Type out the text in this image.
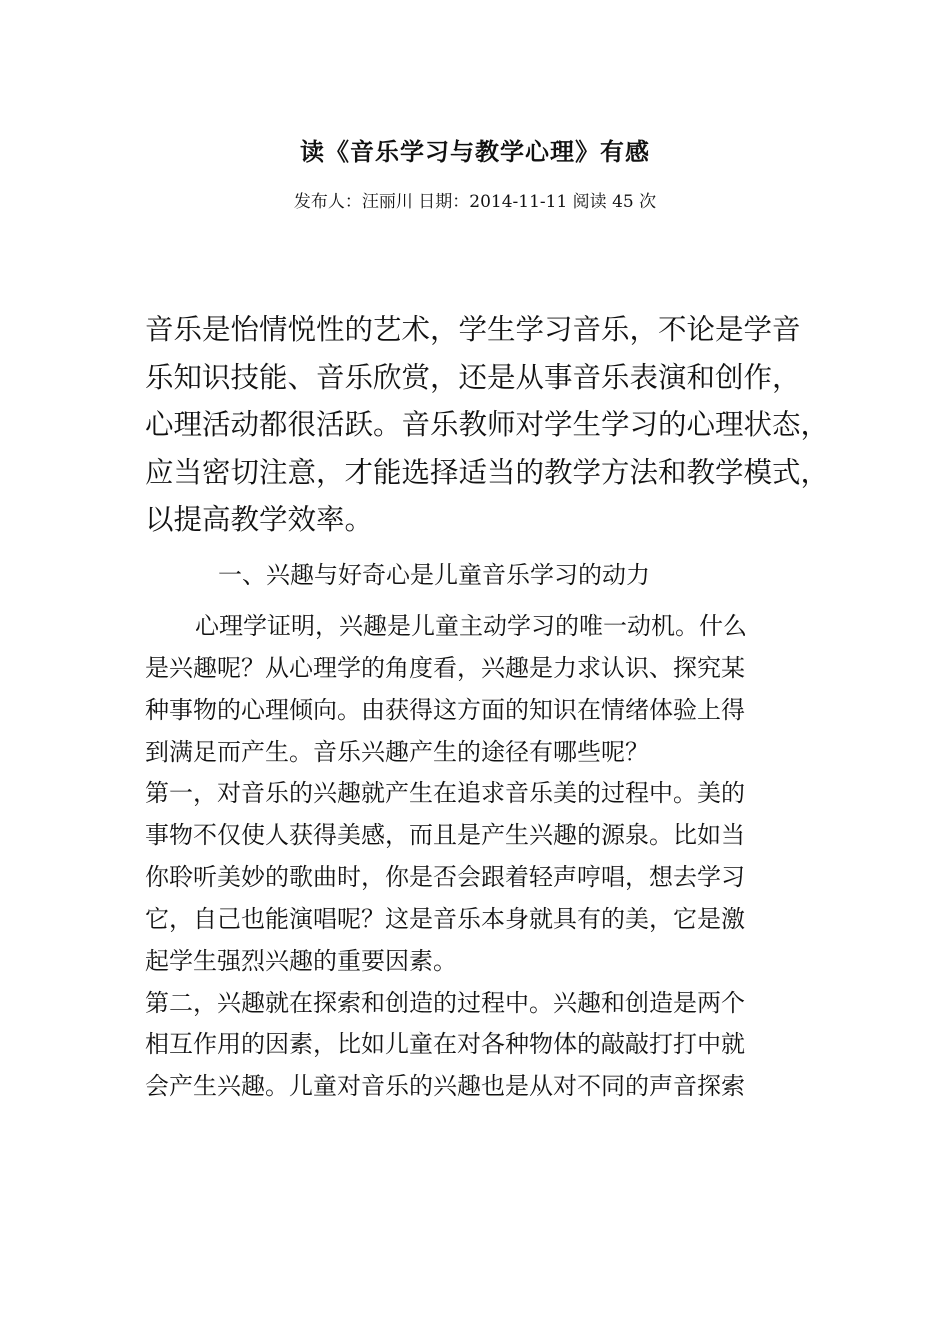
读《音乐学习与教学心理》有感
发布人：汪丽川 日期：2014-11-11 阅读 45 次
音乐是怡情悦性的艺术，学生学习音乐，不论是学音
乐知识技能、音乐欣赏，还是从事音乐表演和创作，
心理活动都很活跃。音乐教师对学生学习的心理状态，
应当密切注意，才能选择适当的教学方法和教学模式，
以提高教学效率。
一、兴趣与好奇心是儿童音乐学习的动力
心理学证明，兴趣是儿童主动学习的唯一动机。什么
是兴趣呢？从心理学的角度看，兴趣是力求认识、探究某
种事物的心理倾向。由获得这方面的知识在情绪体验上得
到满足而产生。音乐兴趣产生的途径有哪些呢？
第一，对音乐的兴趣就产生在追求音乐美的过程中。美的
事物不仅使人获得美感，而且是产生兴趣的源泉。比如当
你聆听美妙的歌曲时，你是否会跟着轻声哼唱，想去学习
它，自己也能演唱呢？这是音乐本身就具有的美，它是激
起学生强烈兴趣的重要因素。
第二，兴趣就在探索和创造的过程中。兴趣和创造是两个
相互作用的因素，比如儿童在对各种物体的敲敲打打中就
会产生兴趣。儿童对音乐的兴趣也是从对不同的声音探索
